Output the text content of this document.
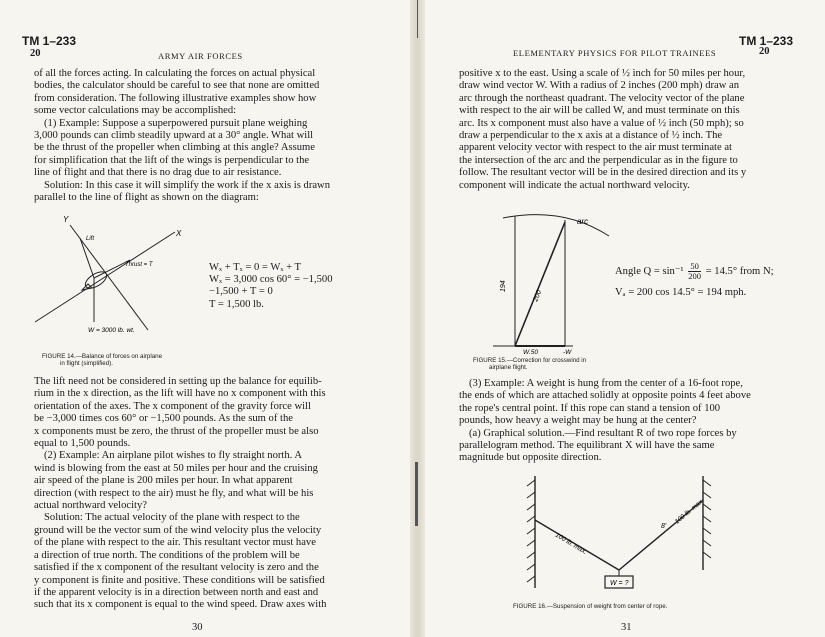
TM 1–233
20	ARMY AIR FORCES
of all the forces acting. In calculating the forces on actual physical
bodies, the calculator should be careful to see that none are omitted
from consideration. The following illustrative examples show how
some vector calculations may be accomplished:
(1) Example: Suppose a superpowered pursuit plane weighing
3,000 pounds can climb steadily upward at a 30° angle. What will
be the thrust of the propeller when climbing at this angle? Assume
for simplification that the lift of the wings is perpendicular to the
line of flight and that there is no drag due to air resistance.
Solution: In this case it will simplify the work if the x axis is drawn
parallel to the line of flight as shown on the diagram:
Y
X
Lift
Thrust = T
W = 3000 lb. wt.
FIGURE 14.—Balance of forces on airplane
in flight (simplified).
Wₓ + Tₓ = 0 = Wₓ + T
Wₓ = 3,000 cos 60° = −1,500
−1,500 + T = 0
T = 1,500 lb.
The lift need not be considered in setting up the balance for equilib-
rium in the x direction, as the lift will have no x component with this
orientation of the axes. The x component of the gravity force will
be −3,000 times cos 60° or −1,500 pounds. As the sum of the
x components must be zero, the thrust of the propeller must be also
equal to 1,500 pounds.
(2) Example: An airplane pilot wishes to fly straight north. A
wind is blowing from the east at 50 miles per hour and the cruising
air speed of the plane is 200 miles per hour. In what apparent
direction (with respect to the air) must he fly, and what will be his
actual northward velocity?
Solution: The actual velocity of the plane with respect to the
ground will be the vector sum of the wind velocity plus the velocity
of the plane with respect to the air. This resultant vector must have
a direction of true north. The conditions of the problem will be
satisfied if the x component of the resultant velocity is zero and the
y component is finite and positive. These conditions will be satisfied
if the apparent velocity is in a direction between north and east and
such that its x component is equal to the wind speed. Draw axes with
30
TM 1–233
ELEMENTARY PHYSICS FOR PILOT TRAINEES	20
positive x to the east. Using a scale of ½ inch for 50 miles per hour,
draw wind vector W. With a radius of 2 inches (200 mph) draw an
arc through the northeast quadrant. The velocity vector of the plane
with respect to the air will be called W, and must terminate on this
arc. Its x component must also have a value of ½ inch (50 mph); so
draw a perpendicular to the x axis at a distance of ½ inch. The
apparent velocity vector with respect to the air must terminate at
the intersection of the arc and the perpendicular as in the figure to
follow. The resultant vector will be in the desired direction and its y
component will indicate the actual northward velocity.
arc
194
200
W.50	-W
FIGURE 15.—Correction for crosswind in
airplane flight.
Angle $Q = \sin^{-1} \frac{50}{200} = 14.5^\circ$ from N;
Vₐ = 200 cos 14.5° = 194 mph.
(3) Example: A weight is hung from the center of a 16-foot rope,
the ends of which are attached solidly at opposite points 4 feet above
the rope's central point. If this rope can stand a tension of 100
pounds, how heavy a weight may be hung at the center?
(a) Graphical solution.—Find resultant R of two rope forces by
parallelogram method. The equilibrant X will have the same
magnitude but opposite direction.
100 lb. max.
100 lb. max.
8'
W = ?
FIGURE 16.—Suspension of weight from center of rope.
31
